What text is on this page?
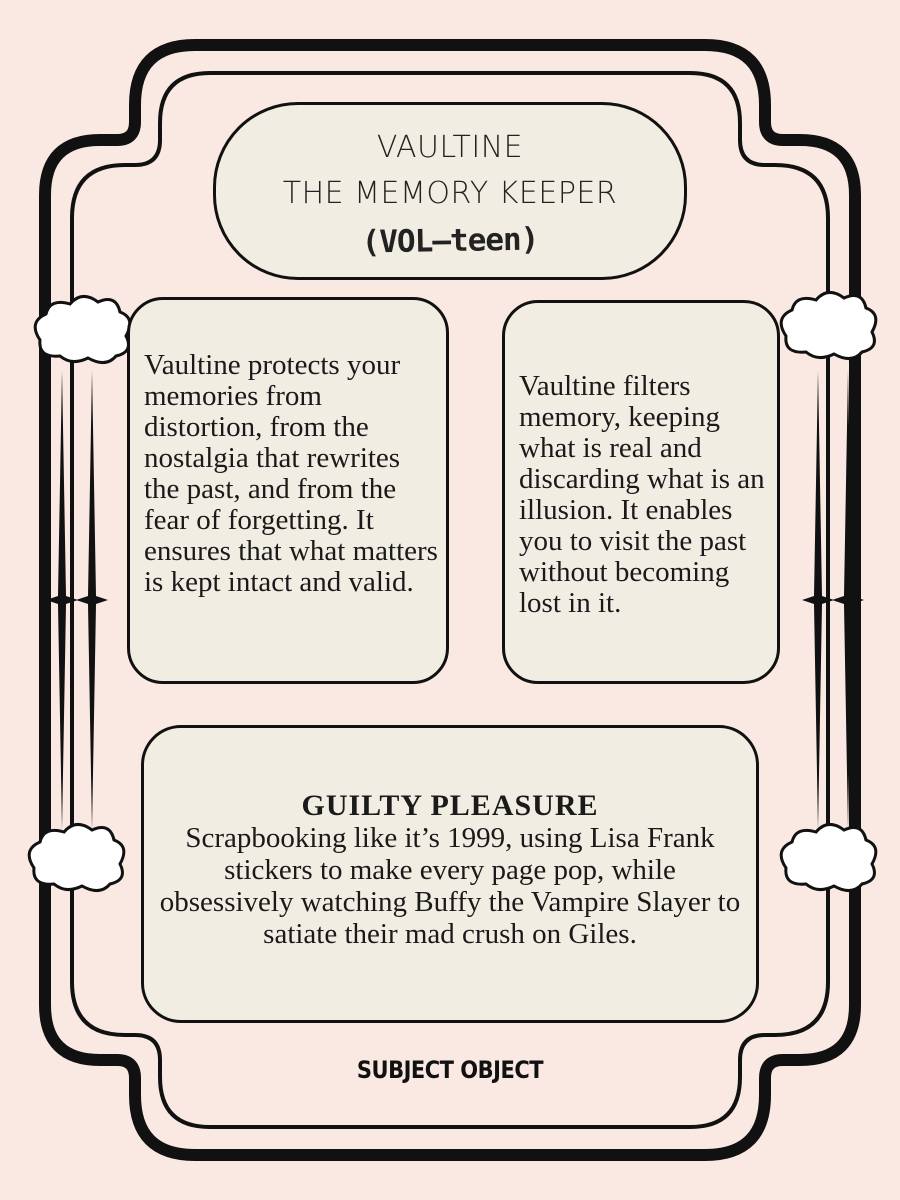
VAULTINE
THE MEMORY KEEPER
(VOL—teen)

Vaultine protects your memories from distortion, from the nostalgia that rewrites the past, and from the fear of forgetting. It ensures that what matters is kept intact and valid.

Vaultine filters memory, keeping what is real and discarding what is an illusion. It enables you to visit the past without becoming lost in it.

GUILTY PLEASURE
Scrapbooking like it’s 1999, using Lisa Frank stickers to make every page pop, while obsessively watching Buffy the Vampire Slayer to satiate their mad crush on Giles.
SUBJECT OBJECT
